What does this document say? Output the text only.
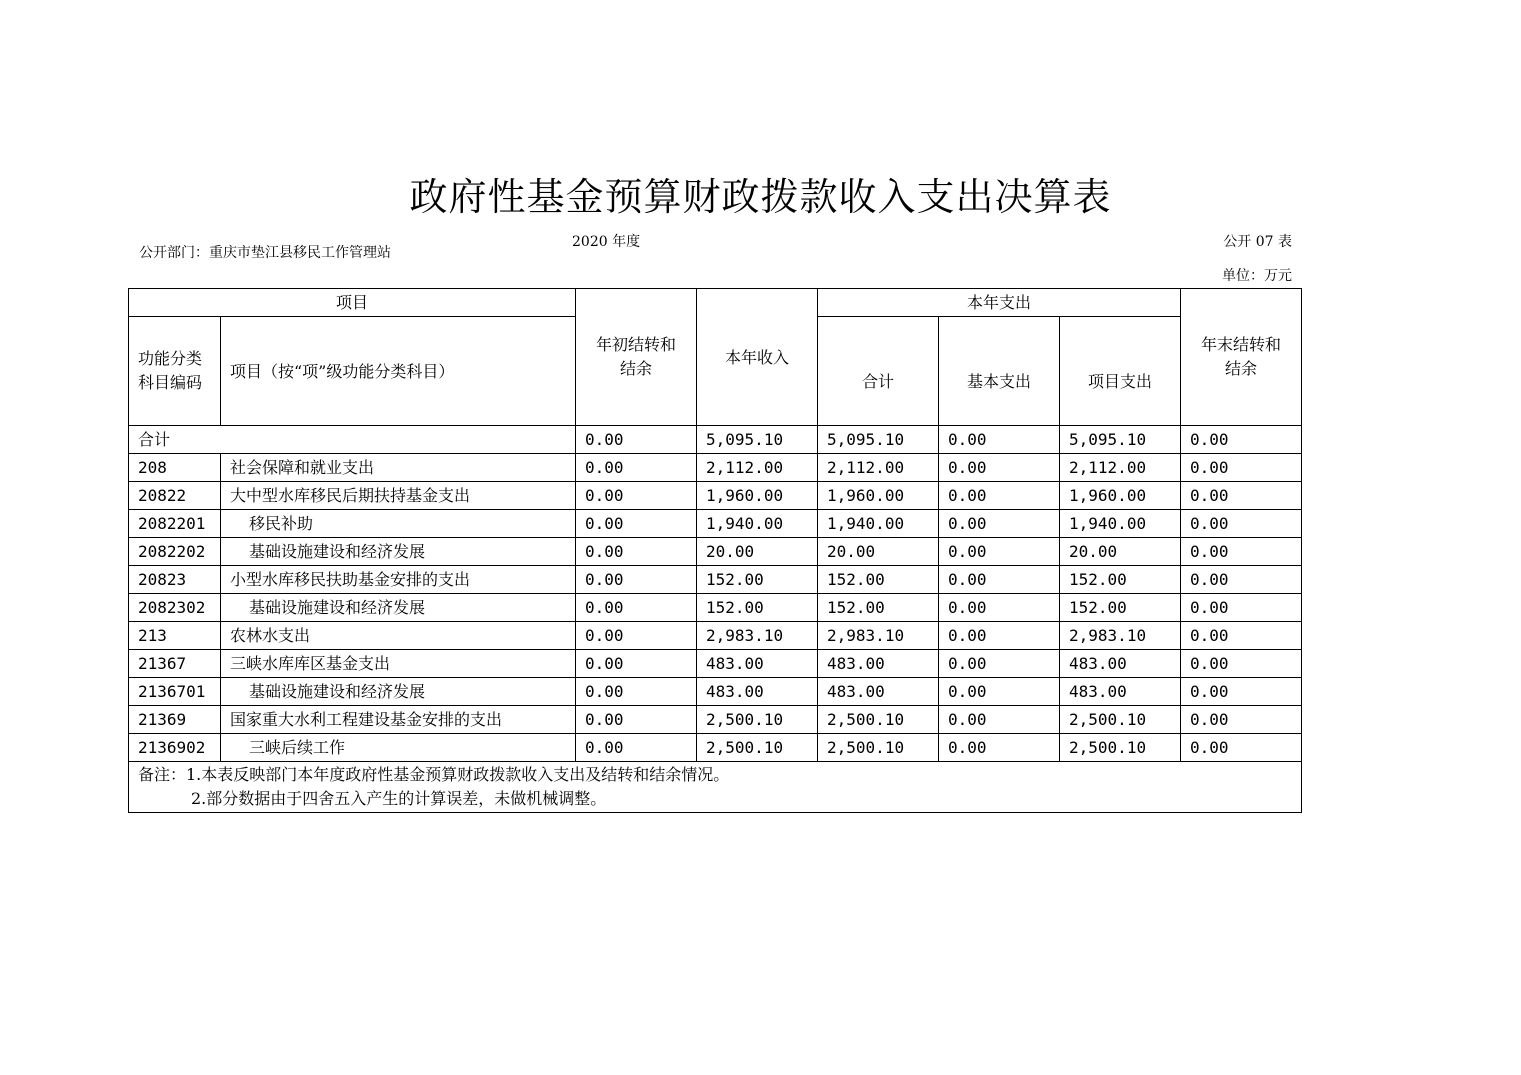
政府性基金预算财政拨款收入支出决算表
公开部门：重庆市垫江县移民工作管理站
2020 年度	公开 07 表
单位：万元
项目		年初结转和结余	本年收入	本年支出			年末结转和结余

功能分类科目编码	项目（按“项”级功能分类科目）			合计	基本支出	项目支出	
合计		0.00	5,095.10	5,095.10	0.00	5,095.10	0.00
208	社会保障和就业支出	0.00	2,112.00	2,112.00	0.00	2,112.00	0.00
20822	大中型水库移民后期扶持基金支出	0.00	1,960.00	1,960.00	0.00	1,960.00	0.00
2082201	移民补助	0.00	1,940.00	1,940.00	0.00	1,940.00	0.00
2082202	基础设施建设和经济发展	0.00	20.00	20.00	0.00	20.00	0.00
20823	小型水库移民扶助基金安排的支出	0.00	152.00	152.00	0.00	152.00	0.00
2082302	基础设施建设和经济发展	0.00	152.00	152.00	0.00	152.00	0.00
213	农林水支出	0.00	2,983.10	2,983.10	0.00	2,983.10	0.00
21367	三峡水库库区基金支出	0.00	483.00	483.00	0.00	483.00	0.00
2136701	基础设施建设和经济发展	0.00	483.00	483.00	0.00	483.00	0.00
21369	国家重大水利工程建设基金安排的支出	0.00	2,500.10	2,500.10	0.00	2,500.10	0.00
2136902	三峡后续工作	0.00	2,500.10	2,500.10	0.00	2,500.10	0.00

备注：1.本表反映部门本年度政府性基金预算财政拨款收入支出及结转和结余情况。
2.部分数据由于四舍五入产生的计算误差，未做机械调整。							
